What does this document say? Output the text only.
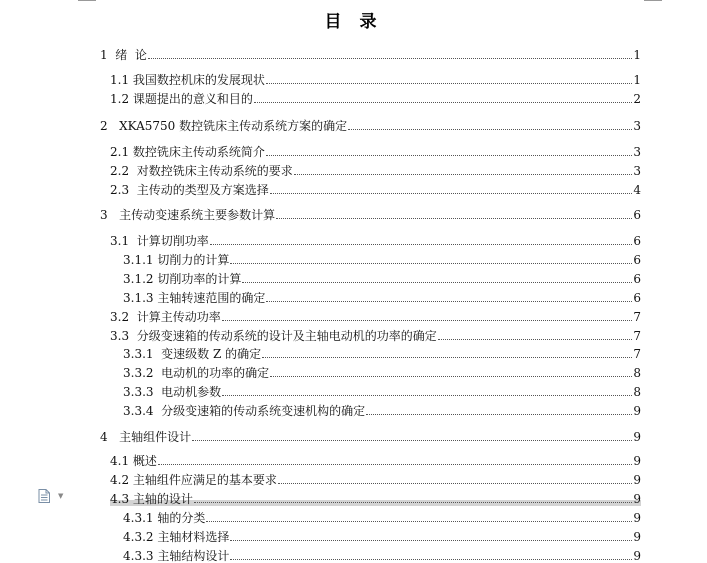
目 录
1 绪  论	1
1.1 我国数控机床的发展现状	1
1.2 课题提出的意义和目的	2
2 XKA5750 数控铣床主传动系统方案的确定	3
2.1 数控铣床主传动系统简介	3
2.2 对数控铣床主传动系统的要求	3
2.3 主传动的类型及方案选择	4
3 主传动变速系统主要参数计算	6
3.1 计算切削功率	6
3.1.1 切削力的计算	6
3.1.2 切削功率的计算	6
3.1.3 主轴转速范围的确定	6
3.2 计算主传动功率	7
3.3 分级变速箱的传动系统的设计及主轴电动机的功率的确定	7
3.3.1 变速级数 Z 的确定	7
3.3.2 电动机的功率的确定	8
3.3.3 电动机参数	8
3.3.4 分级变速箱的传动系统变速机构的确定	9
4 主轴组件设计	9
4.1 概述	9
4.2 主轴组件应满足的基本要求	9
4.3 主轴的设计	9
4.3.1 轴的分类	9
4.3.2 主轴材料选择	9
4.3.3 主轴结构设计	9
▼
